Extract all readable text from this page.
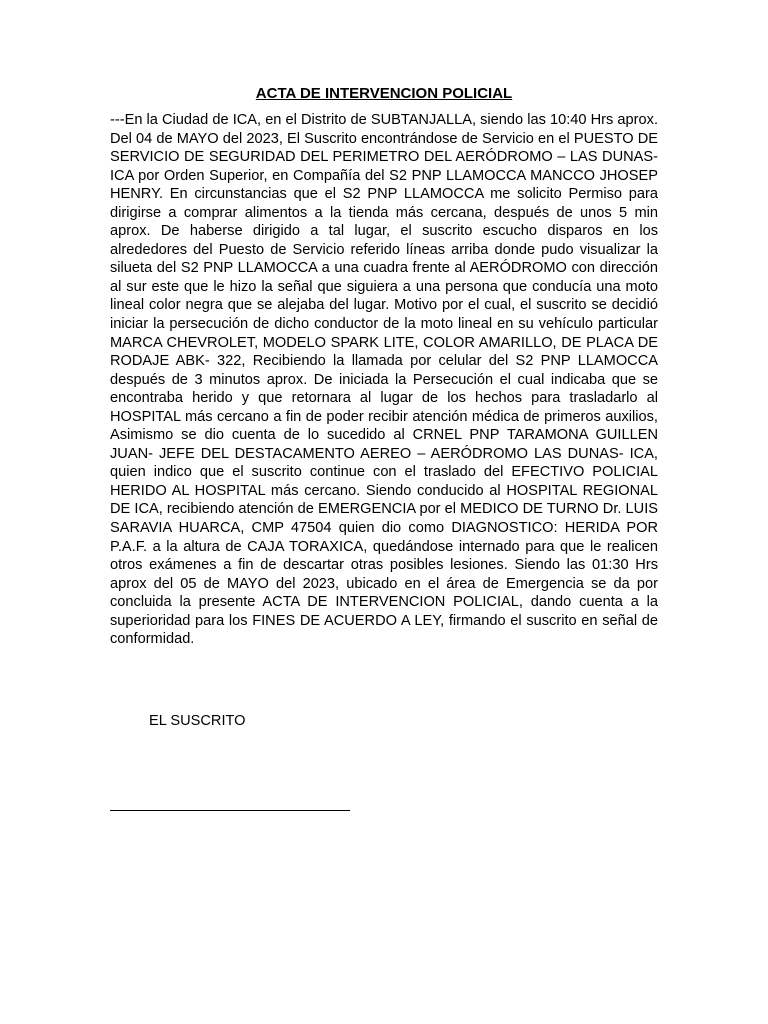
ACTA DE INTERVENCION POLICIAL

---En la Ciudad de ICA, en el Distrito de SUBTANJALLA, siendo las 10:40 Hrs aprox. Del 04 de MAYO del 2023, El Suscrito encontrándose de Servicio en el PUESTO DE SERVICIO DE SEGURIDAD DEL PERIMETRO DEL AERÓDROMO – LAS DUNAS- ICA por Orden Superior, en Compañía del S2 PNP LLAMOCCA MANCCO JHOSEP HENRY. En circunstancias que el S2 PNP LLAMOCCA me solicito Permiso para dirigirse a comprar alimentos a la tienda más cercana, después de unos 5 min aprox. De haberse dirigido a tal lugar, el suscrito escucho disparos en los alrededores del Puesto de Servicio referido líneas arriba donde pudo visualizar la silueta del S2 PNP LLAMOCCA a una cuadra frente al AERÓDROMO con dirección al sur este que le hizo la señal que siguiera a una persona que conducía una moto lineal color negra que se alejaba del lugar. Motivo por el cual, el suscrito se decidió iniciar la persecución de dicho conductor de la moto lineal en su vehículo particular MARCA CHEVROLET, MODELO SPARK LITE, COLOR AMARILLO, DE PLACA DE RODAJE ABK- 322, Recibiendo la llamada por celular del S2 PNP LLAMOCCA después de 3 minutos aprox. De iniciada la Persecución el cual indicaba que se encontraba herido y que retornara al lugar de los hechos para trasladarlo al HOSPITAL más cercano a fin de poder recibir atención médica de primeros auxilios, Asimismo se dio cuenta de lo sucedido al CRNEL PNP TARAMONA GUILLEN JUAN- JEFE DEL DESTACAMENTO AEREO – AERÓDROMO LAS DUNAS- ICA, quien indico que el suscrito continue con el traslado del EFECTIVO POLICIAL HERIDO AL HOSPITAL más cercano. Siendo conducido al HOSPITAL REGIONAL DE ICA, recibiendo atención de EMERGENCIA por el MEDICO DE TURNO Dr. LUIS SARAVIA HUARCA, CMP 47504 quien dio como DIAGNOSTICO: HERIDA POR P.A.F. a la altura de CAJA TORAXICA, quedándose internado para que le realicen otros exámenes a fin de descartar otras posibles lesiones. Siendo las 01:30 Hrs aprox del 05 de MAYO del 2023, ubicado en el área de Emergencia se da por concluida la presente ACTA DE INTERVENCION POLICIAL, dando cuenta a la superioridad para los FINES DE ACUERDO A LEY, firmando el suscrito en señal de conformidad.

EL SUSCRITO
